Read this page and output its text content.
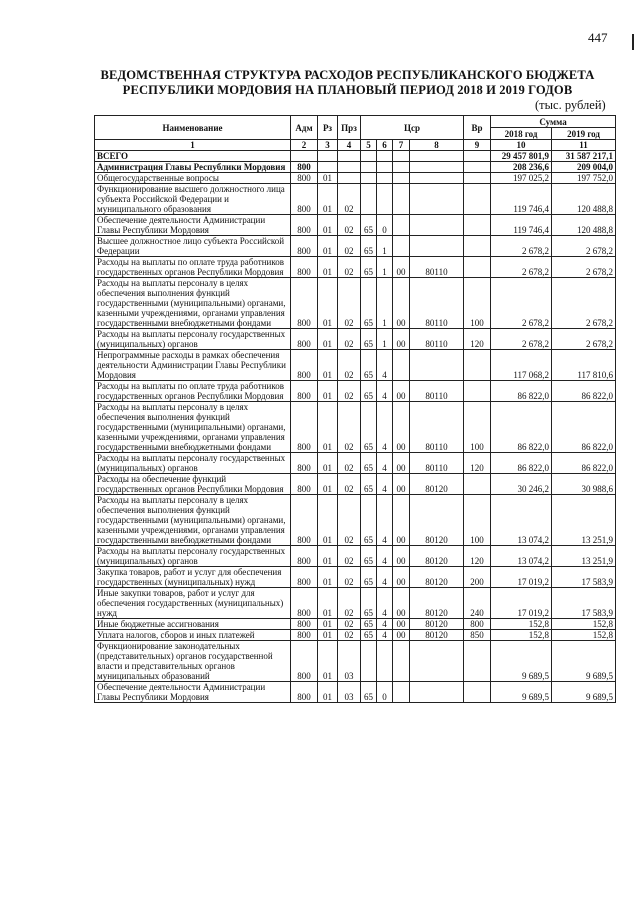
447
ВЕДОМСТВЕННАЯ СТРУКТУРА РАСХОДОВ РЕСПУБЛИКАНСКОГО БЮДЖЕТА
РЕСПУБЛИКИ МОРДОВИЯ НА ПЛАНОВЫЙ ПЕРИОД 2018 И 2019 ГОДОВ
(тыс. рублей)
Наименование	Адм	Рз	Прз	Цср				Вр	Сумма	
									2018 год	2019 год
1	2	3	4	5	6	7	8	9	10	11
ВСЕГО									29 457 801,9	31 587 217,1
Администрация Главы Республики Мордовия	800								208 236,6	209 004,0
Общегосударственные вопросы	800	01							197 025,2	197 752,0
Функционирование высшего должностного лица субъекта Российской Федерации и муниципального образования	800	01	02						119 746,4	120 488,8
Обеспечение деятельности Администрации Главы Республики Мордовия	800	01	02	65	0				119 746,4	120 488,8
Высшее должностное лицо субъекта Российской Федерации	800	01	02	65	1				2 678,2	2 678,2
Расходы на выплаты по оплате труда работников государственных органов Республики Мордовия	800	01	02	65	1	00	80110		2 678,2	2 678,2
Расходы на выплаты персоналу в целях обеспечения выполнения функций государственными (муниципальными) органами, казенными учреждениями, органами управления государственными внебюджетными фондами	800	01	02	65	1	00	80110	100	2 678,2	2 678,2
Расходы на выплаты персоналу государственных (муниципальных) органов	800	01	02	65	1	00	80110	120	2 678,2	2 678,2
Непрограммные расходы в рамках обеспечения деятельности Администрации Главы Республики Мордовия	800	01	02	65	4				117 068,2	117 810,6
Расходы на выплаты по оплате труда работников государственных органов Республики Мордовия	800	01	02	65	4	00	80110		86 822,0	86 822,0
Расходы на выплаты персоналу в целях обеспечения выполнения функций государственными (муниципальными) органами, казенными учреждениями, органами управления государственными внебюджетными фондами	800	01	02	65	4	00	80110	100	86 822,0	86 822,0
Расходы на выплаты персоналу государственных (муниципальных) органов	800	01	02	65	4	00	80110	120	86 822,0	86 822,0
Расходы на обеспечение функций государственных органов Республики Мордовия	800	01	02	65	4	00	80120		30 246,2	30 988,6
Расходы на выплаты персоналу в целях обеспечения выполнения функций государственными (муниципальными) органами, казенными учреждениями, органами управления государственными внебюджетными фондами	800	01	02	65	4	00	80120	100	13 074,2	13 251,9
Расходы на выплаты персоналу государственных (муниципальных) органов	800	01	02	65	4	00	80120	120	13 074,2	13 251,9
Закупка товаров, работ и услуг для обеспечения государственных (муниципальных) нужд	800	01	02	65	4	00	80120	200	17 019,2	17 583,9
Иные закупки товаров, работ и услуг для обеспечения государственных (муниципальных) нужд	800	01	02	65	4	00	80120	240	17 019,2	17 583,9
Иные бюджетные ассигнования	800	01	02	65	4	00	80120	800	152,8	152,8
Уплата налогов, сборов и иных платежей	800	01	02	65	4	00	80120	850	152,8	152,8
Функционирование законодательных (представительных) органов государственной власти и представительных органов муниципальных образований	800	01	03						9 689,5	9 689,5
Обеспечение деятельности Администрации Главы Республики Мордовия	800	01	03	65	0				9 689,5	9 689,5
